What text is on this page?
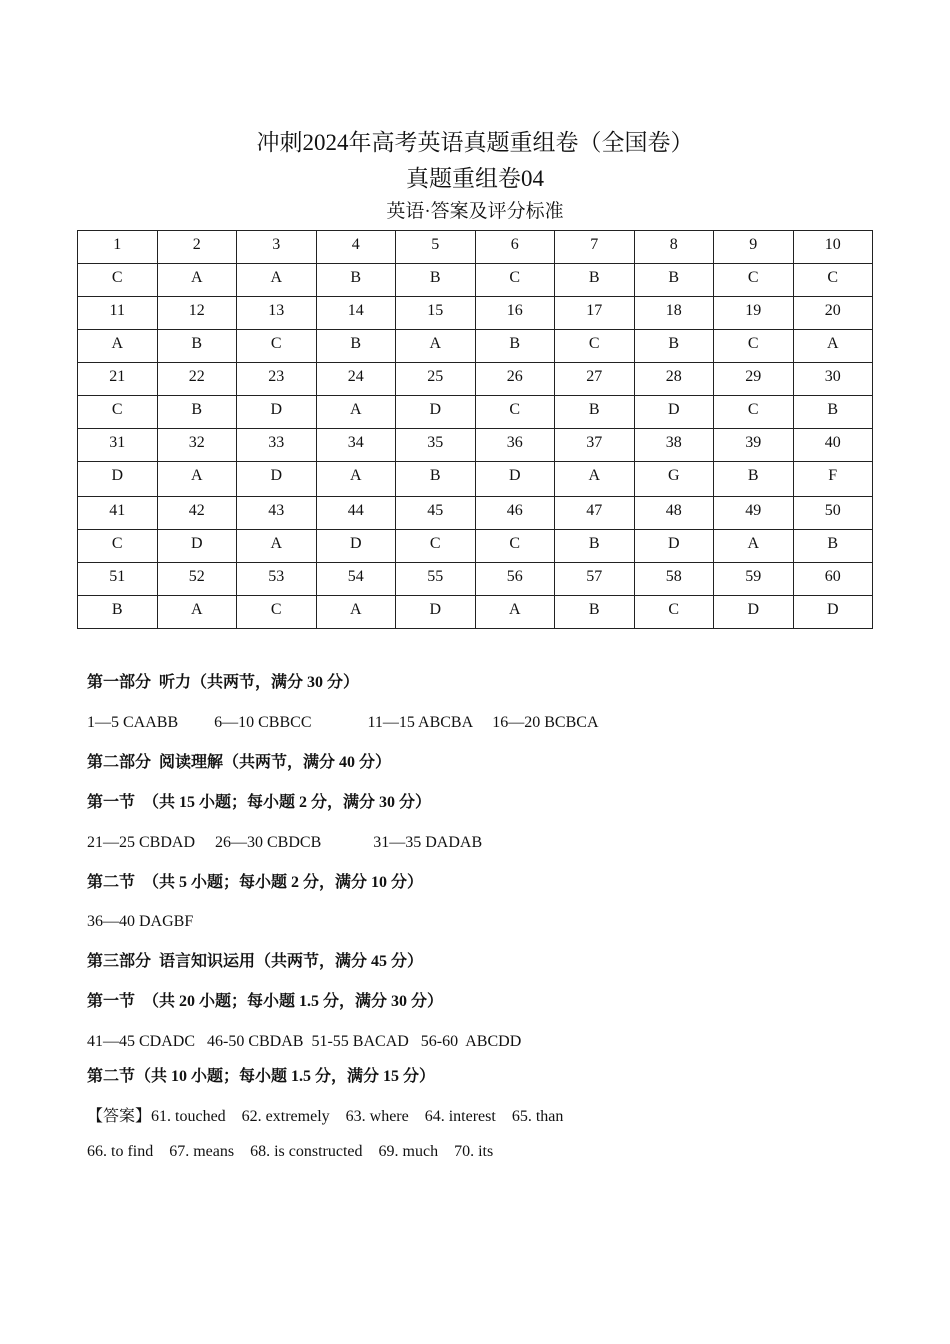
冲刺2024年高考英语真题重组卷（全国卷）
真题重组卷04
英语·答案及评分标准
1	2	3	4	5	6	7	8	9	10
C	A	A	B	B	C	B	B	C	C
11	12	13	14	15	16	17	18	19	20
A	B	C	B	A	B	C	B	C	A
21	22	23	24	25	26	27	28	29	30
C	B	D	A	D	C	B	D	C	B
31	32	33	34	35	36	37	38	39	40
D	A	D	A	B	D	A	G	B	F
41	42	43	44	45	46	47	48	49	50
C	D	A	D	C	C	B	D	A	B
51	52	53	54	55	56	57	58	59	60
B	A	C	A	D	A	B	C	D	D
第一部分  听力（共两节，满分 30 分）
1—5 CAABB         6—10 CBBCC              11—15 ABCBA     16—20 BCBCA
第二部分  阅读理解（共两节，满分 40 分）
第一节  （共 15 小题；每小题 2 分，满分 30 分）
21—25 CBDAD     26—30 CBDCB             31—35 DADAB
第二节  （共 5 小题；每小题 2 分，满分 10 分）
36—40 DAGBF
第三部分  语言知识运用（共两节，满分 45 分）
第一节  （共 20 小题；每小题 1.5 分，满分 30 分）
41—45 CDADC   46-50 CBDAB  51-55 BACAD   56-60  ABCDD
第二节（共 10 小题；每小题 1.5 分，满分 15 分）
【答案】61. touched    62. extremely    63. where    64. interest    65. than
66. to find    67. means    68. is constructed    69. much    70. its
